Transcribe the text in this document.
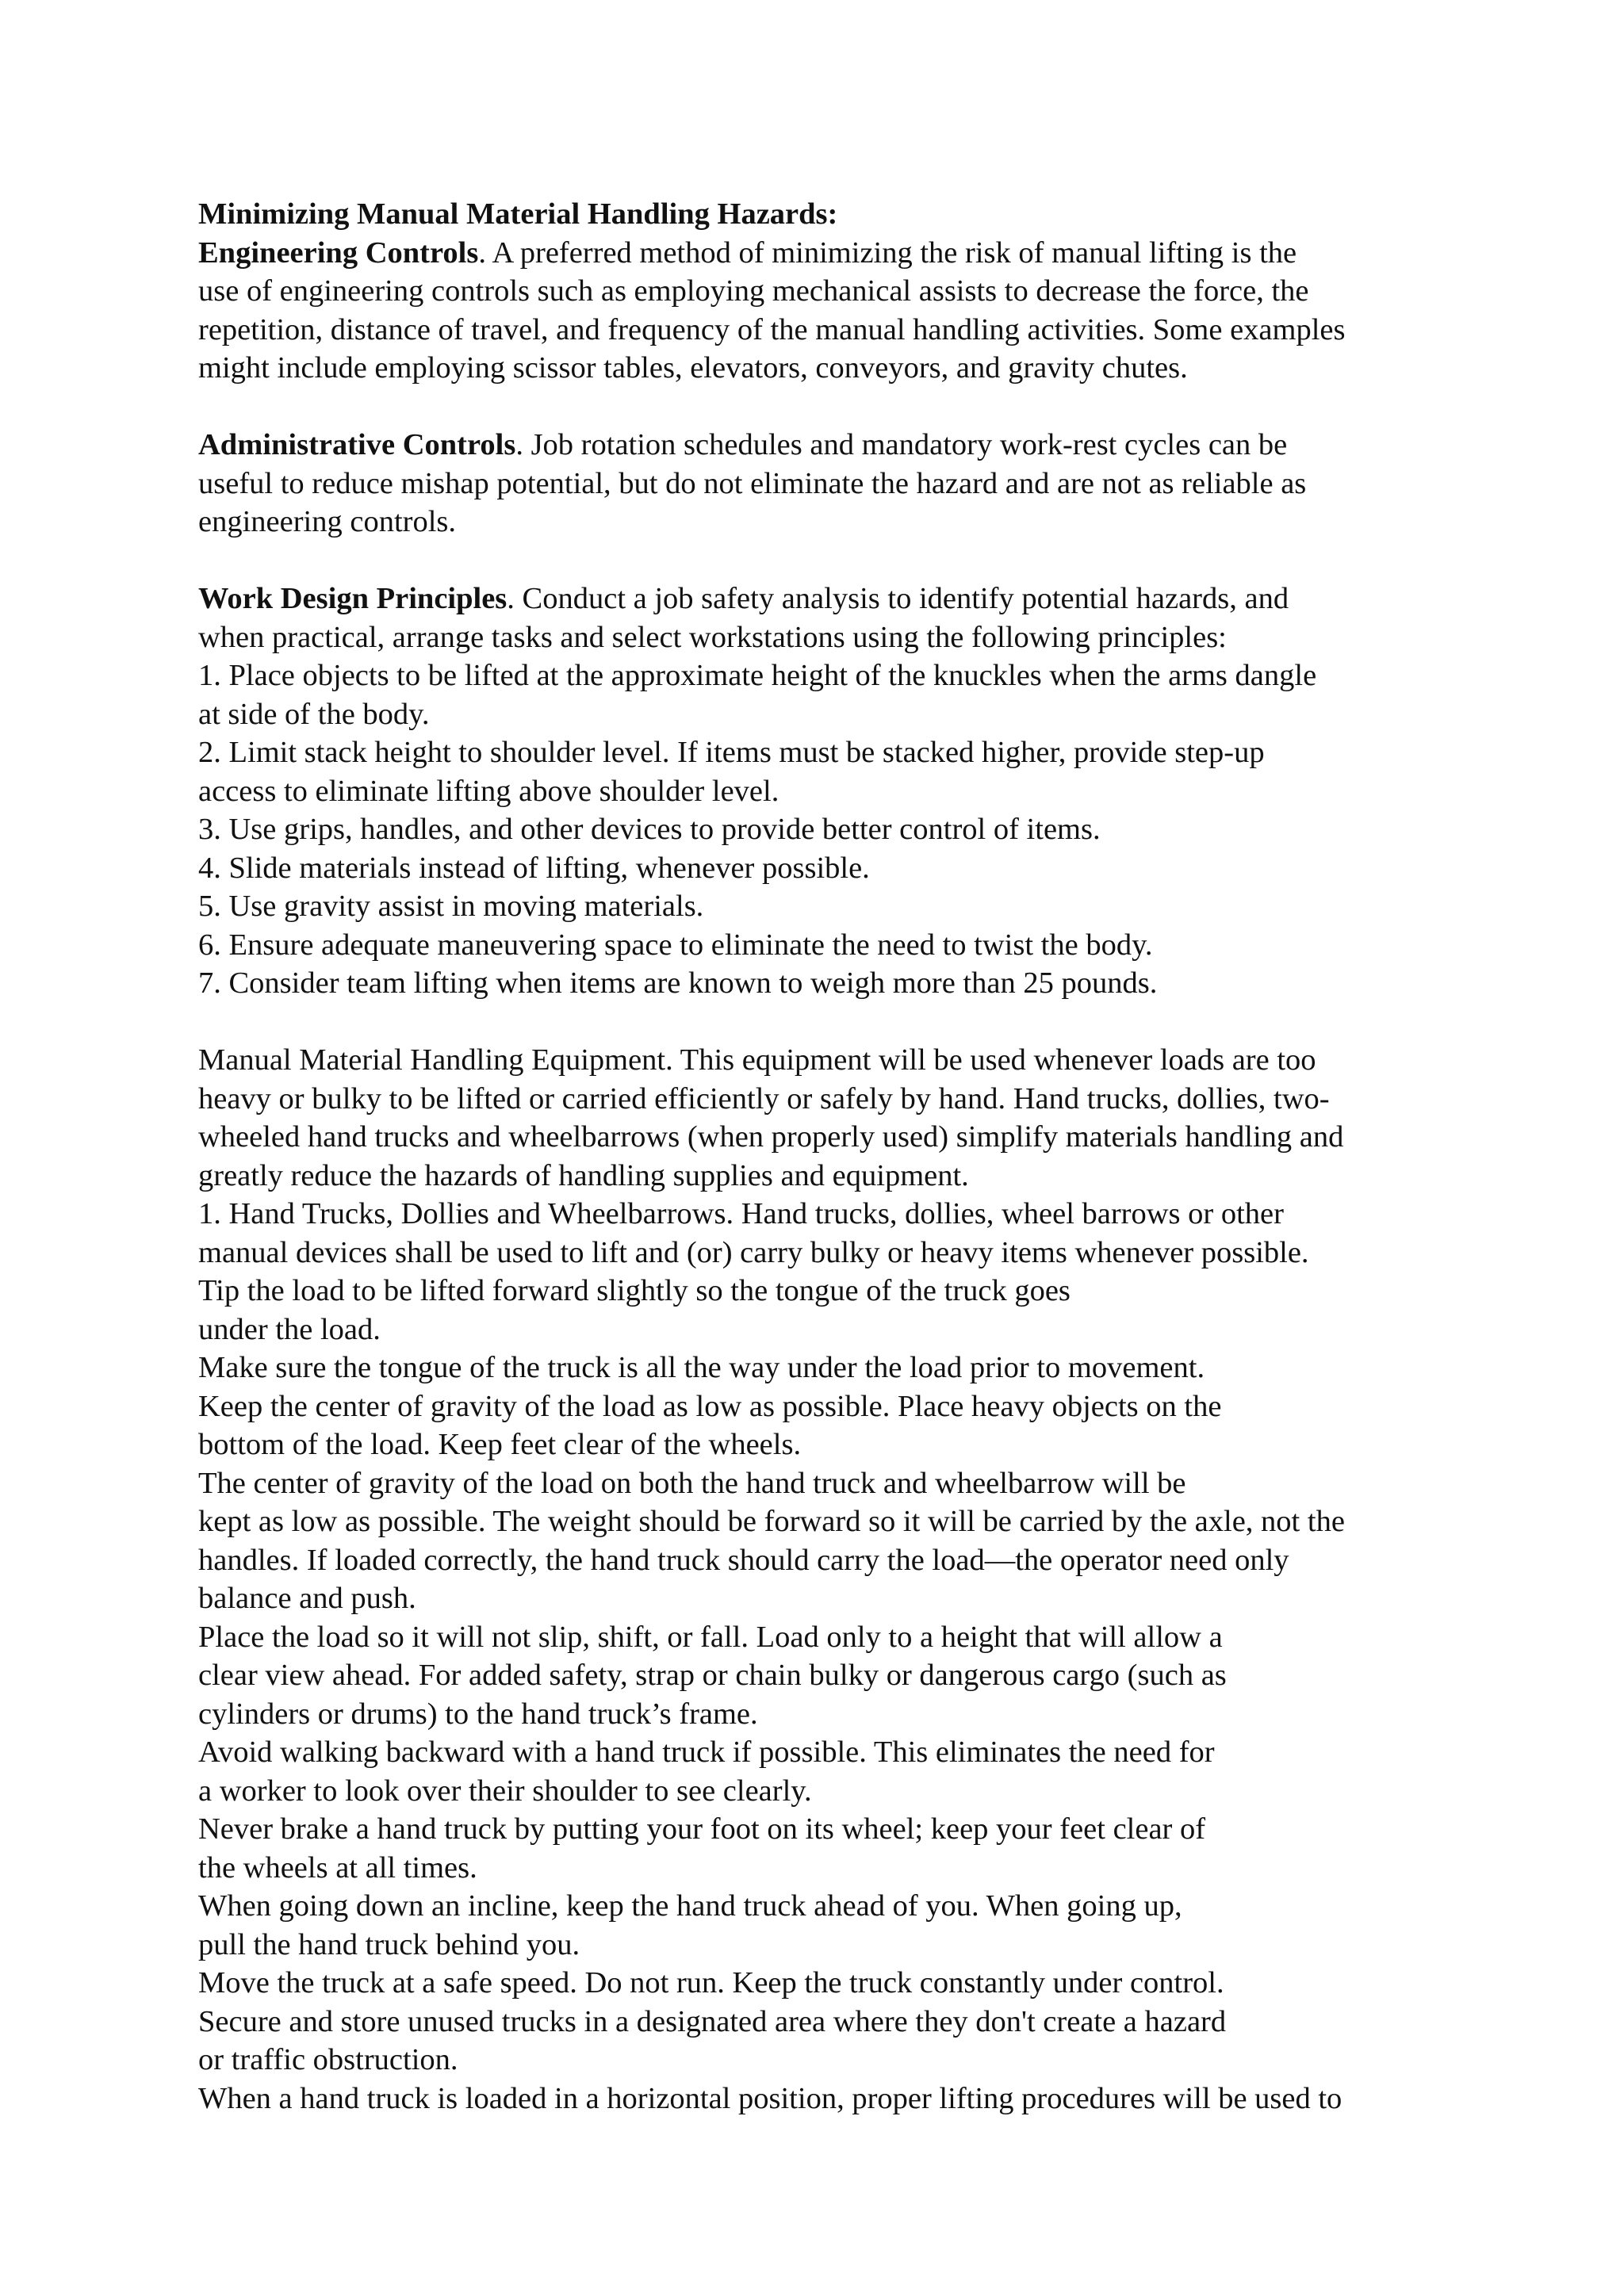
Minimizing Manual Material Handling Hazards:
Engineering Controls. A preferred method of minimizing the risk of manual lifting is the
use of engineering controls such as employing mechanical assists to decrease the force, the
repetition, distance of travel, and frequency of the manual handling activities. Some examples
might include employing scissor tables, elevators, conveyors, and gravity chutes.
Administrative Controls. Job rotation schedules and mandatory work-rest cycles can be
useful to reduce mishap potential, but do not eliminate the hazard and are not as reliable as
engineering controls.
Work Design Principles. Conduct a job safety analysis to identify potential hazards, and
when practical, arrange tasks and select workstations using the following principles:
1. Place objects to be lifted at the approximate height of the knuckles when the arms dangle
at side of the body.
2. Limit stack height to shoulder level. If items must be stacked higher, provide step-up
access to eliminate lifting above shoulder level.
3. Use grips, handles, and other devices to provide better control of items.
4. Slide materials instead of lifting, whenever possible.
5. Use gravity assist in moving materials.
6. Ensure adequate maneuvering space to eliminate the need to twist the body.
7. Consider team lifting when items are known to weigh more than 25 pounds.
Manual Material Handling Equipment. This equipment will be used whenever loads are too
heavy or bulky to be lifted or carried efficiently or safely by hand. Hand trucks, dollies, two-
wheeled hand trucks and wheelbarrows (when properly used) simplify materials handling and
greatly reduce the hazards of handling supplies and equipment.
1. Hand Trucks, Dollies and Wheelbarrows. Hand trucks, dollies, wheel barrows or other
manual devices shall be used to lift and (or) carry bulky or heavy items whenever possible.
Tip the load to be lifted forward slightly so the tongue of the truck goes
under the load.
Make sure the tongue of the truck is all the way under the load prior to movement.
Keep the center of gravity of the load as low as possible. Place heavy objects on the
bottom of the load. Keep feet clear of the wheels.
The center of gravity of the load on both the hand truck and wheelbarrow will be
kept as low as possible. The weight should be forward so it will be carried by the axle, not the
handles. If loaded correctly, the hand truck should carry the load—the operator need only
balance and push.
Place the load so it will not slip, shift, or fall. Load only to a height that will allow a
clear view ahead. For added safety, strap or chain bulky or dangerous cargo (such as
cylinders or drums) to the hand truck’s frame.
Avoid walking backward with a hand truck if possible. This eliminates the need for
a worker to look over their shoulder to see clearly.
Never brake a hand truck by putting your foot on its wheel; keep your feet clear of
the wheels at all times.
When going down an incline, keep the hand truck ahead of you. When going up,
pull the hand truck behind you.
Move the truck at a safe speed. Do not run. Keep the truck constantly under control.
Secure and store unused trucks in a designated area where they don't create a hazard
or traffic obstruction.
When a hand truck is loaded in a horizontal position, proper lifting procedures will be used to
